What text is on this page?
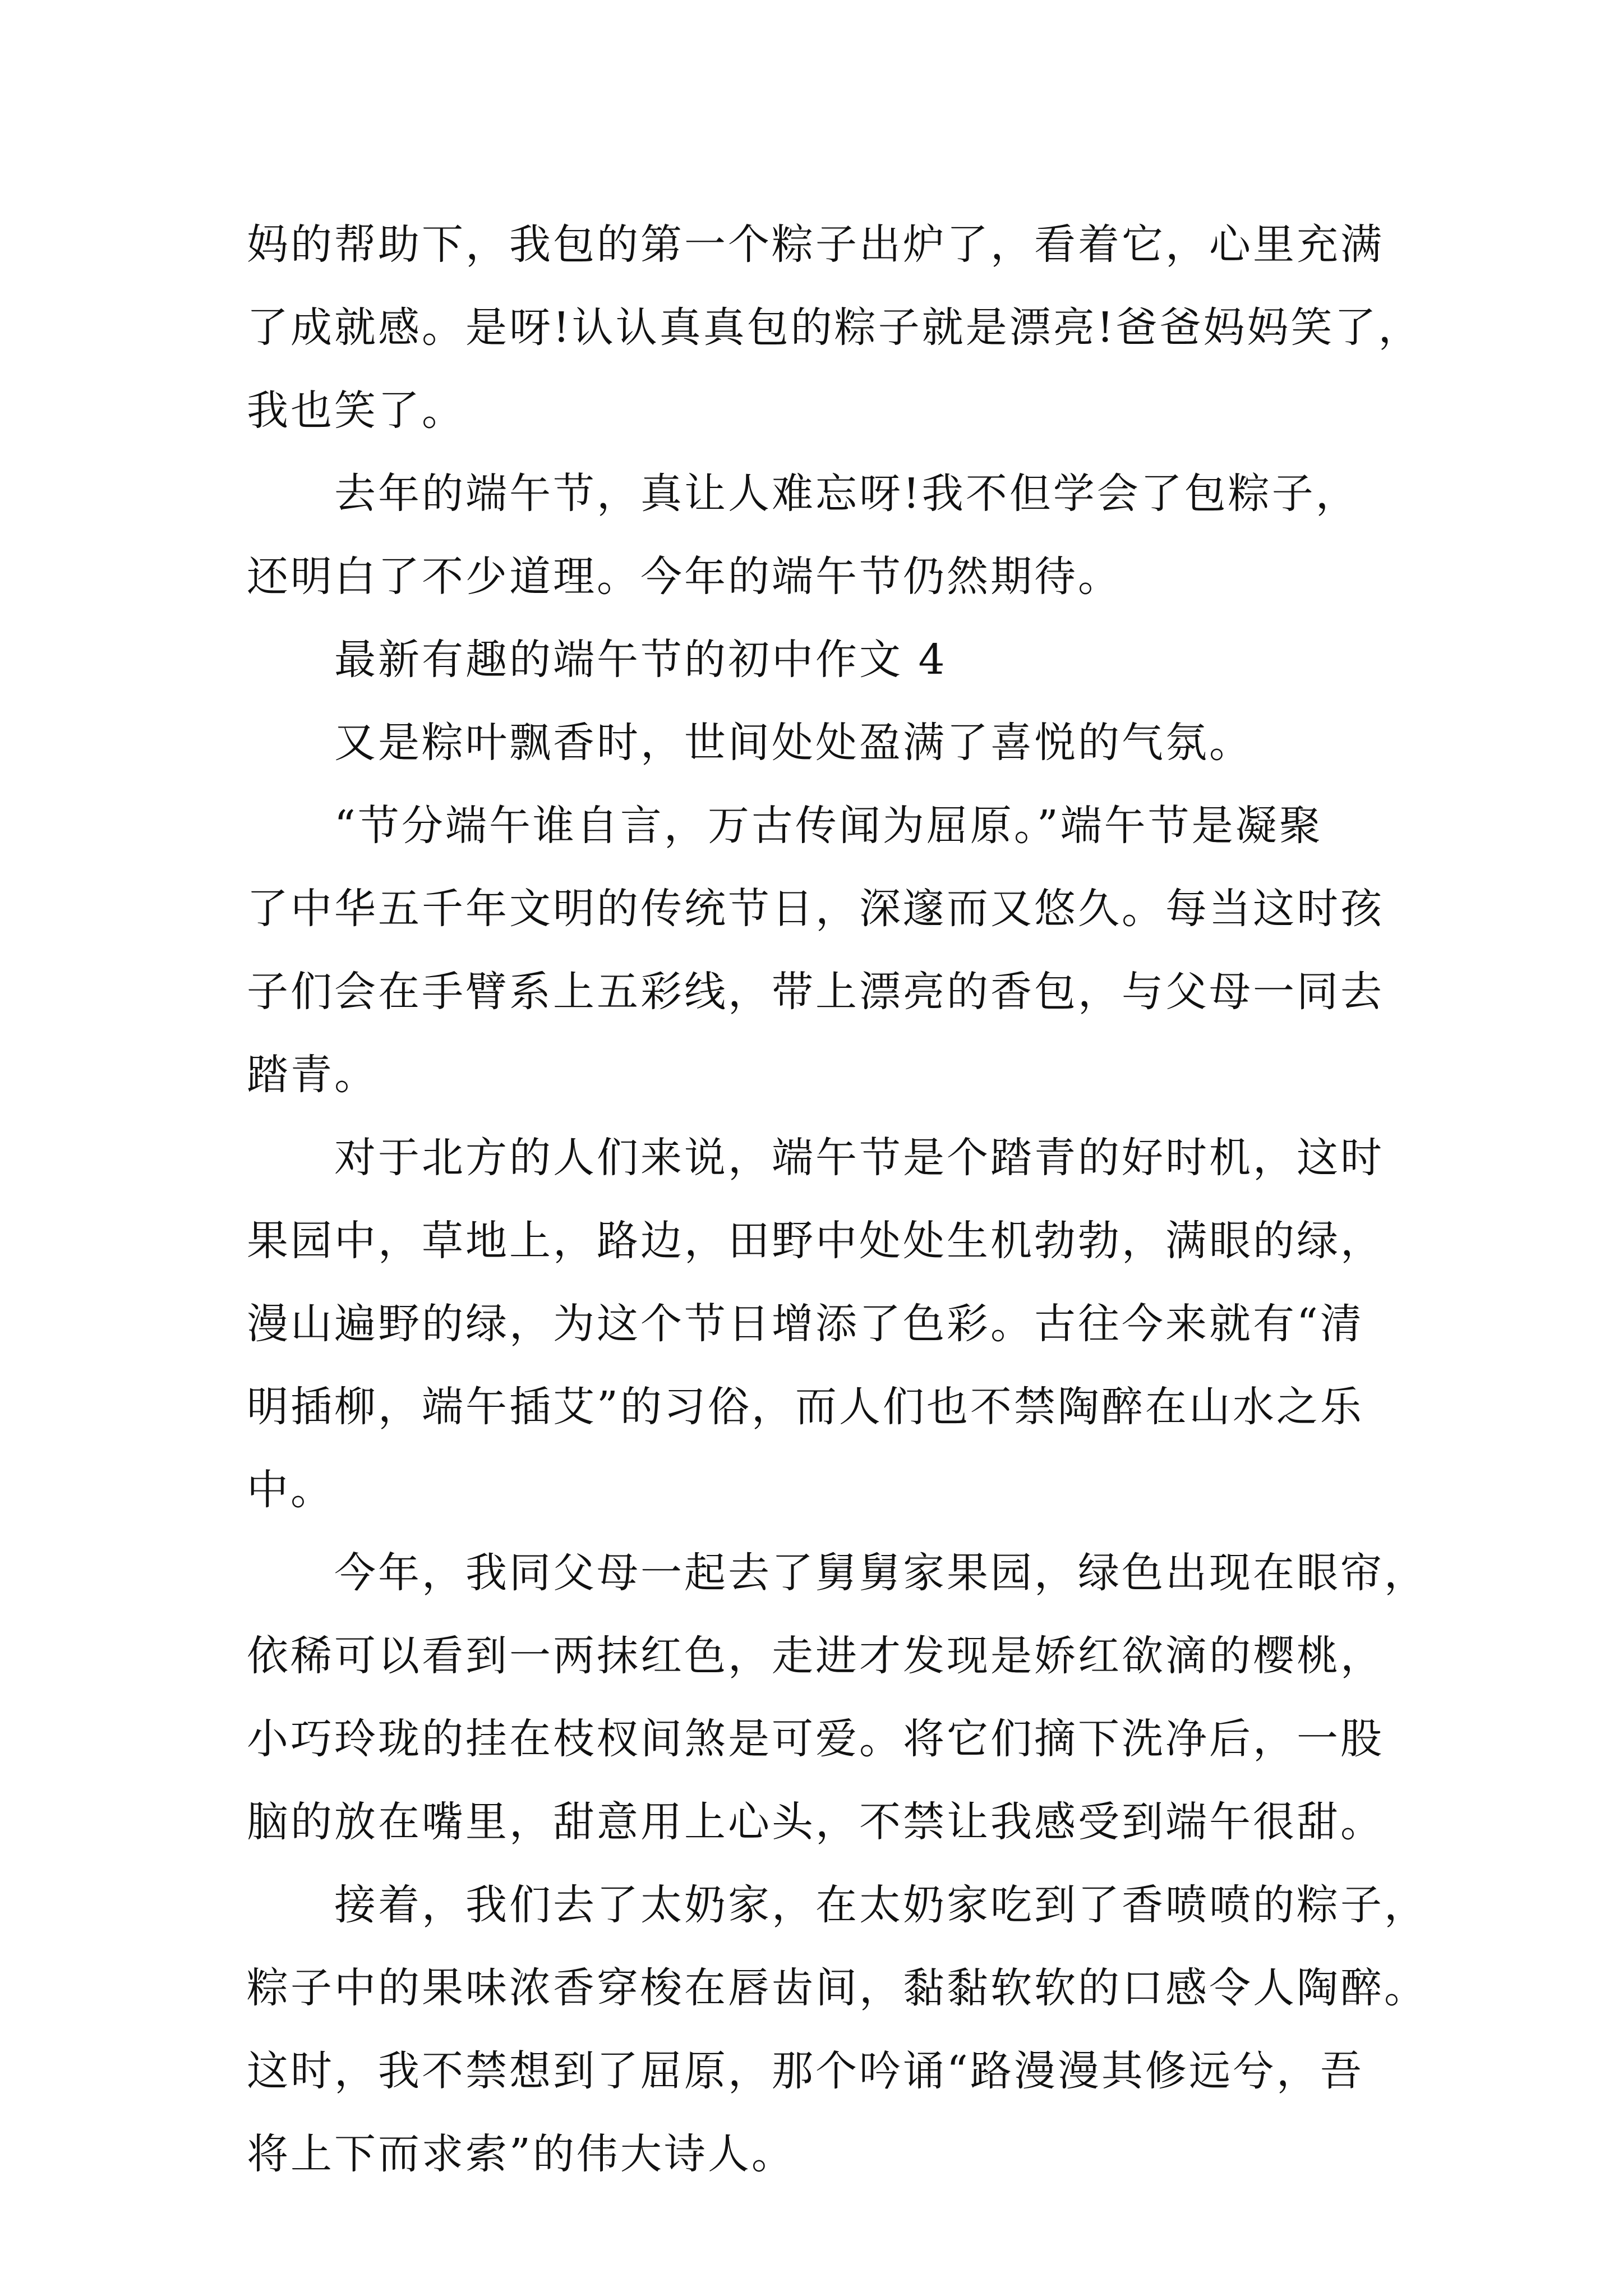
妈的帮助下，我包的第一个粽子出炉了，看着它，心里充满
了成就感。是呀!认认真真包的粽子就是漂亮!爸爸妈妈笑了，
我也笑了。
去年的端午节，真让人难忘呀!我不但学会了包粽子，
还明白了不少道理。今年的端午节仍然期待。
最新有趣的端午节的初中作文 4
又是粽叶飘香时，世间处处盈满了喜悦的气氛。
“节分端午谁自言，万古传闻为屈原。”端午节是凝聚
了中华五千年文明的传统节日，深邃而又悠久。每当这时孩
子们会在手臂系上五彩线，带上漂亮的香包，与父母一同去
踏青。
对于北方的人们来说，端午节是个踏青的好时机，这时
果园中，草地上，路边，田野中处处生机勃勃，满眼的绿，
漫山遍野的绿，为这个节日增添了色彩。古往今来就有“清
明插柳，端午插艾”的习俗，而人们也不禁陶醉在山水之乐
中。
今年，我同父母一起去了舅舅家果园，绿色出现在眼帘，
依稀可以看到一两抹红色，走进才发现是娇红欲滴的樱桃，
小巧玲珑的挂在枝杈间煞是可爱。将它们摘下洗净后，一股
脑的放在嘴里，甜意用上心头，不禁让我感受到端午很甜。
接着，我们去了太奶家，在太奶家吃到了香喷喷的粽子，
粽子中的果味浓香穿梭在唇齿间，黏黏软软的口感令人陶醉。
这时，我不禁想到了屈原，那个吟诵“路漫漫其修远兮，吾
将上下而求索”的伟大诗人。
